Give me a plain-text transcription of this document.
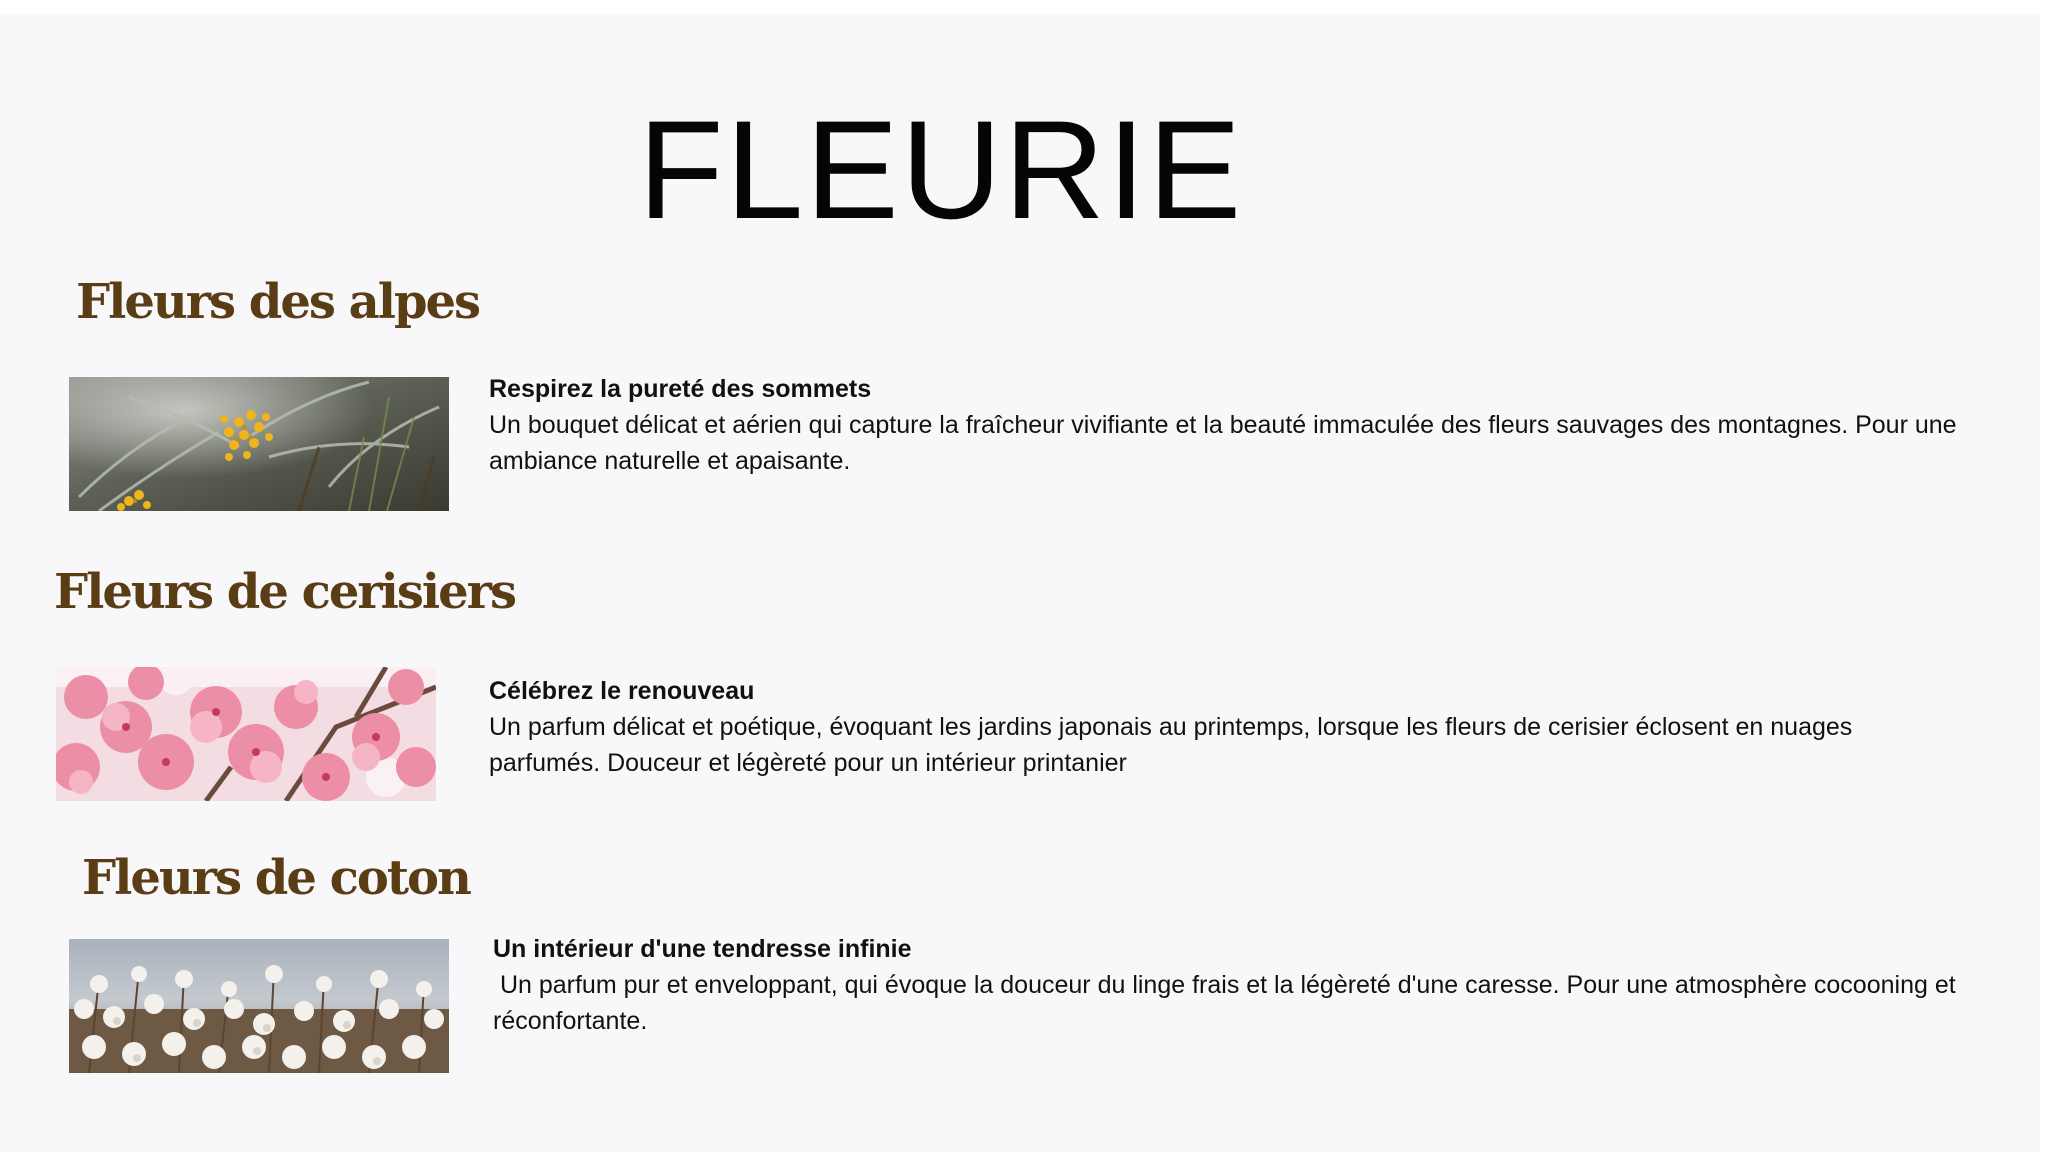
FLEURIE
Fleurs des alpes
Respirez la pureté des sommets
Un bouquet délicat et aérien qui capture la fraîcheur vivifiante et la beauté immaculée des fleurs sauvages des montagnes. Pour une ambiance naturelle et apaisante.
Fleurs de cerisiers
Célébrez le renouveau
Un parfum délicat et poétique, évoquant les jardins japonais au printemps, lorsque les fleurs de cerisier éclosent en nuages parfumés. Douceur et légèreté pour un intérieur printanier
Fleurs de coton
Un intérieur d'une tendresse infinie
Un parfum pur et enveloppant, qui évoque la douceur du linge frais et la légèreté d'une caresse. Pour une atmosphère cocooning et réconfortante.
